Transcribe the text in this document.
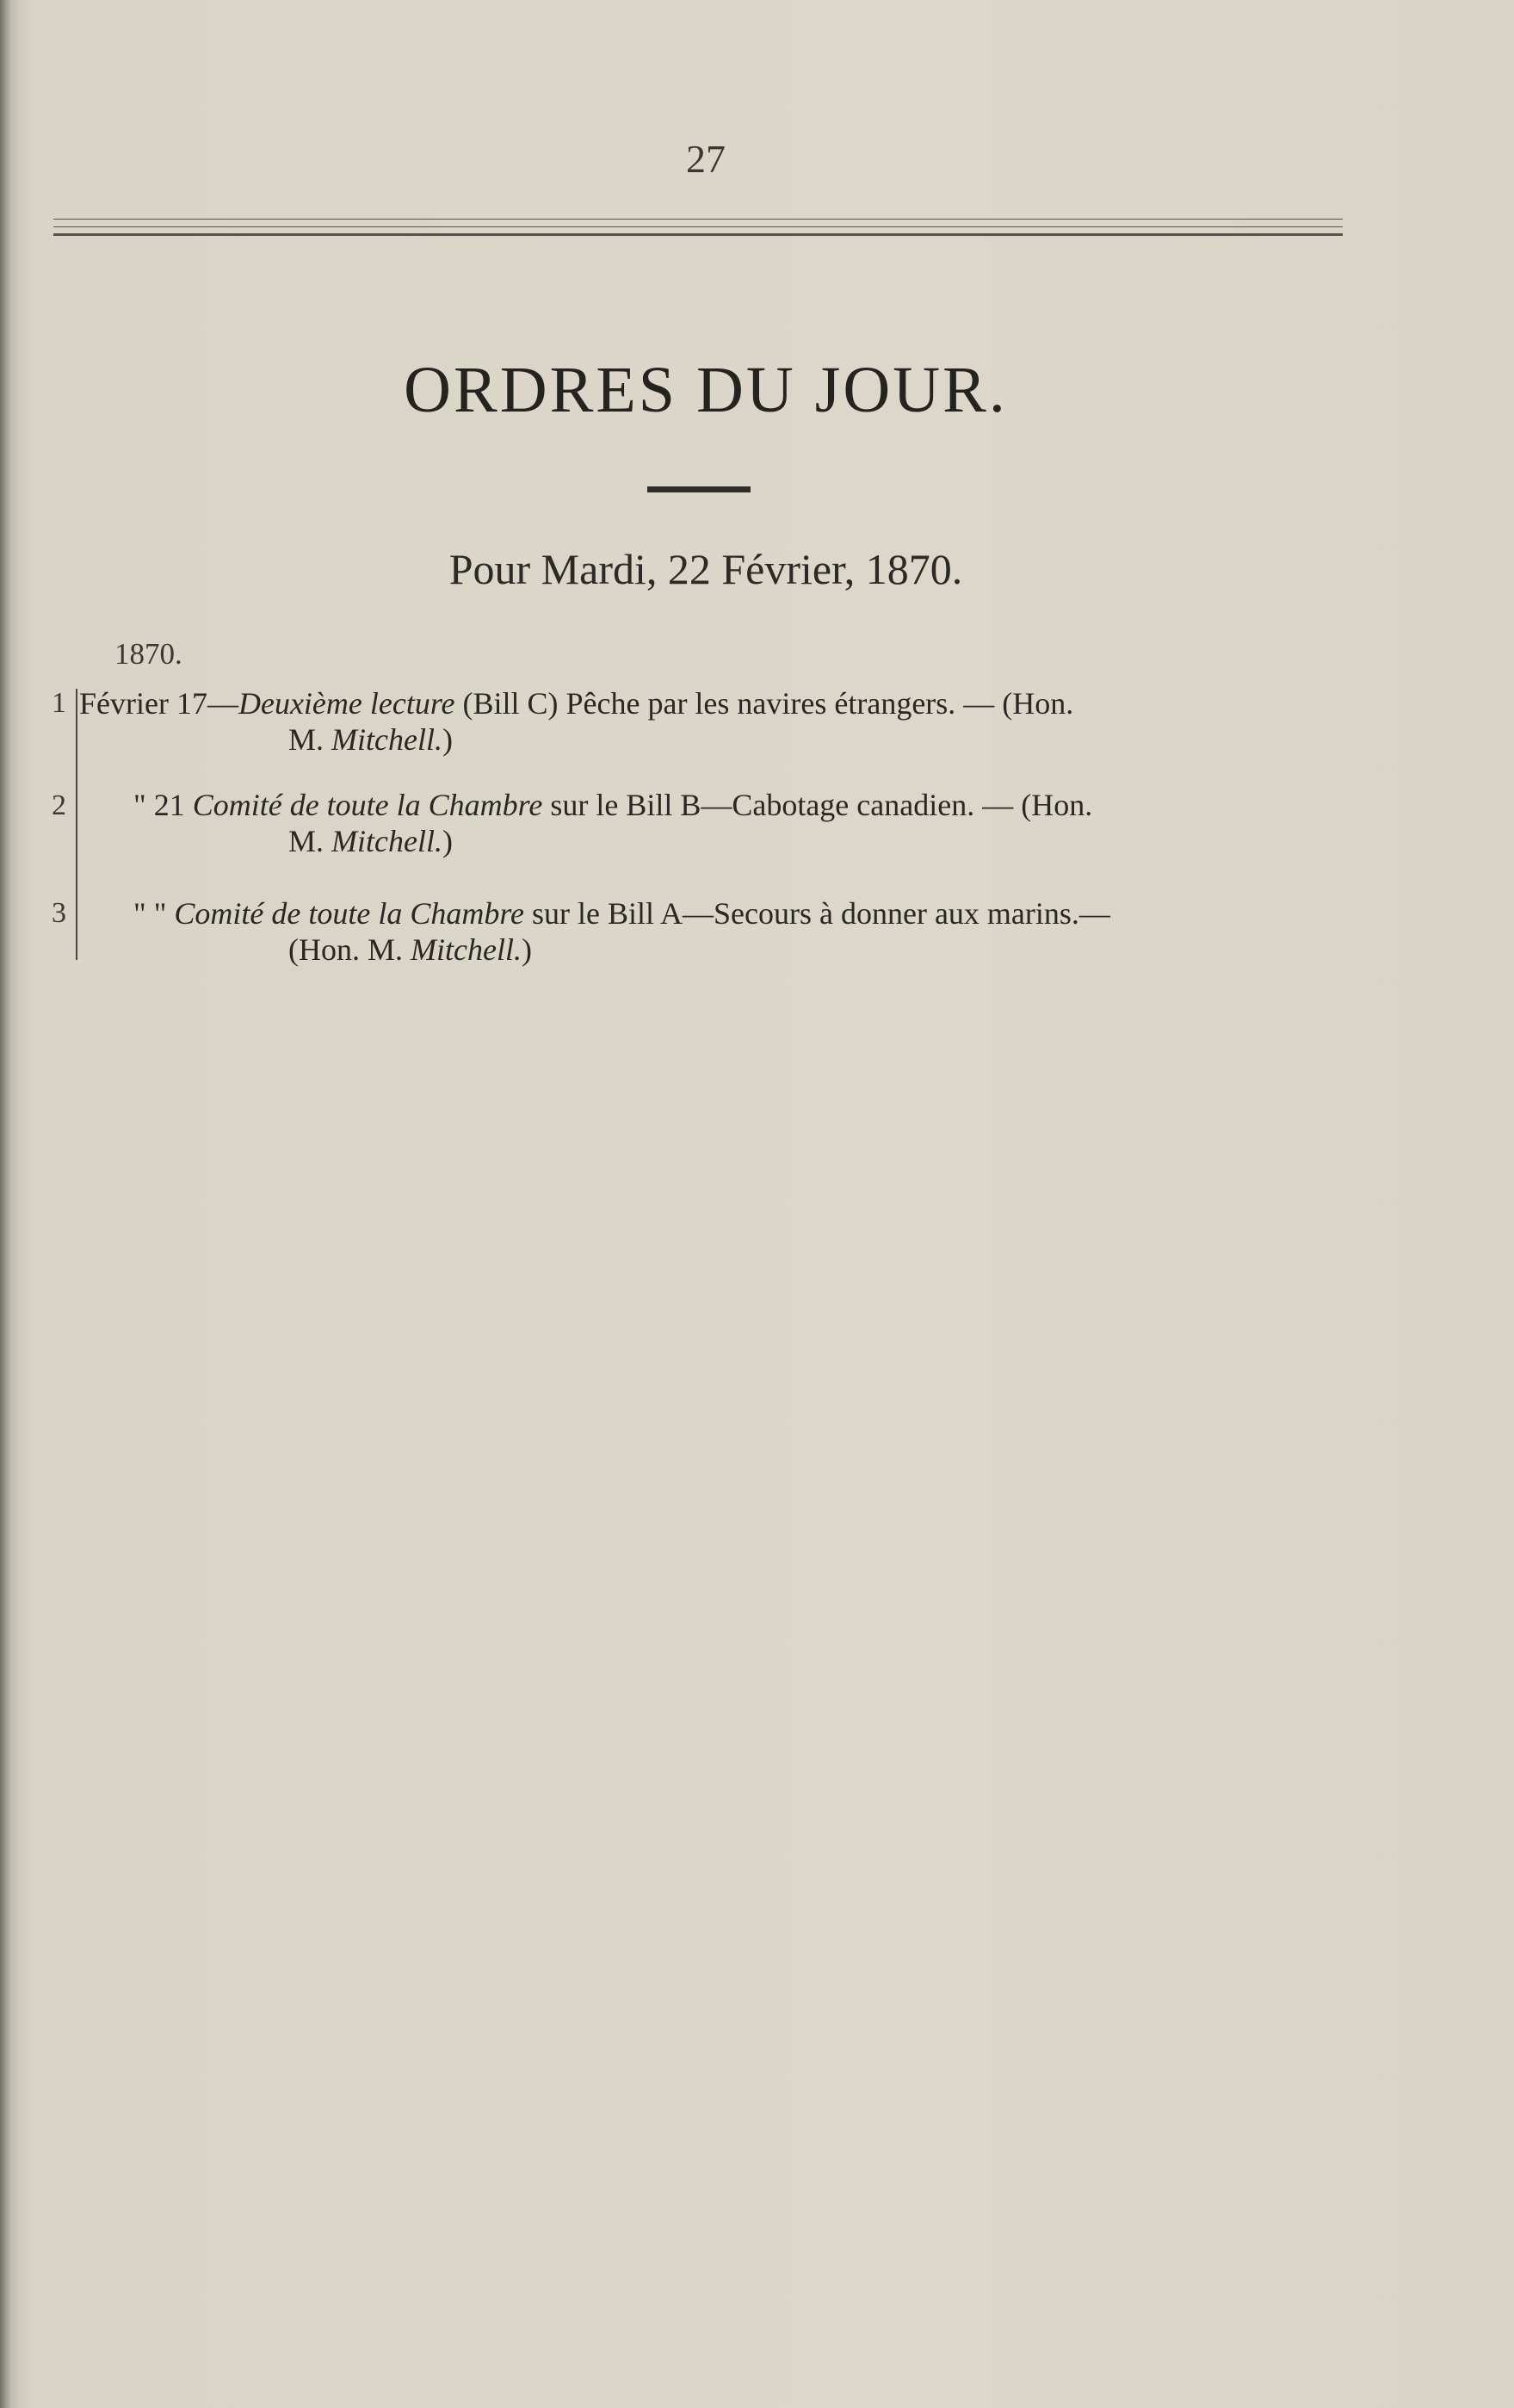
27
ORDRES DU JOUR.
Pour Mardi, 22 Février, 1870.
1870.
1 Février 17—Deuxième lecture (Bill C) Pêche par les navires étrangers. — (Hon.
M. Mitchell.)
2 " 21 Comité de toute la Chambre sur le Bill B—Cabotage canadien. — (Hon.
M. Mitchell.)
3 " " Comité de toute la Chambre sur le Bill A—Secours à donner aux marins.—
(Hon. M. Mitchell.)
